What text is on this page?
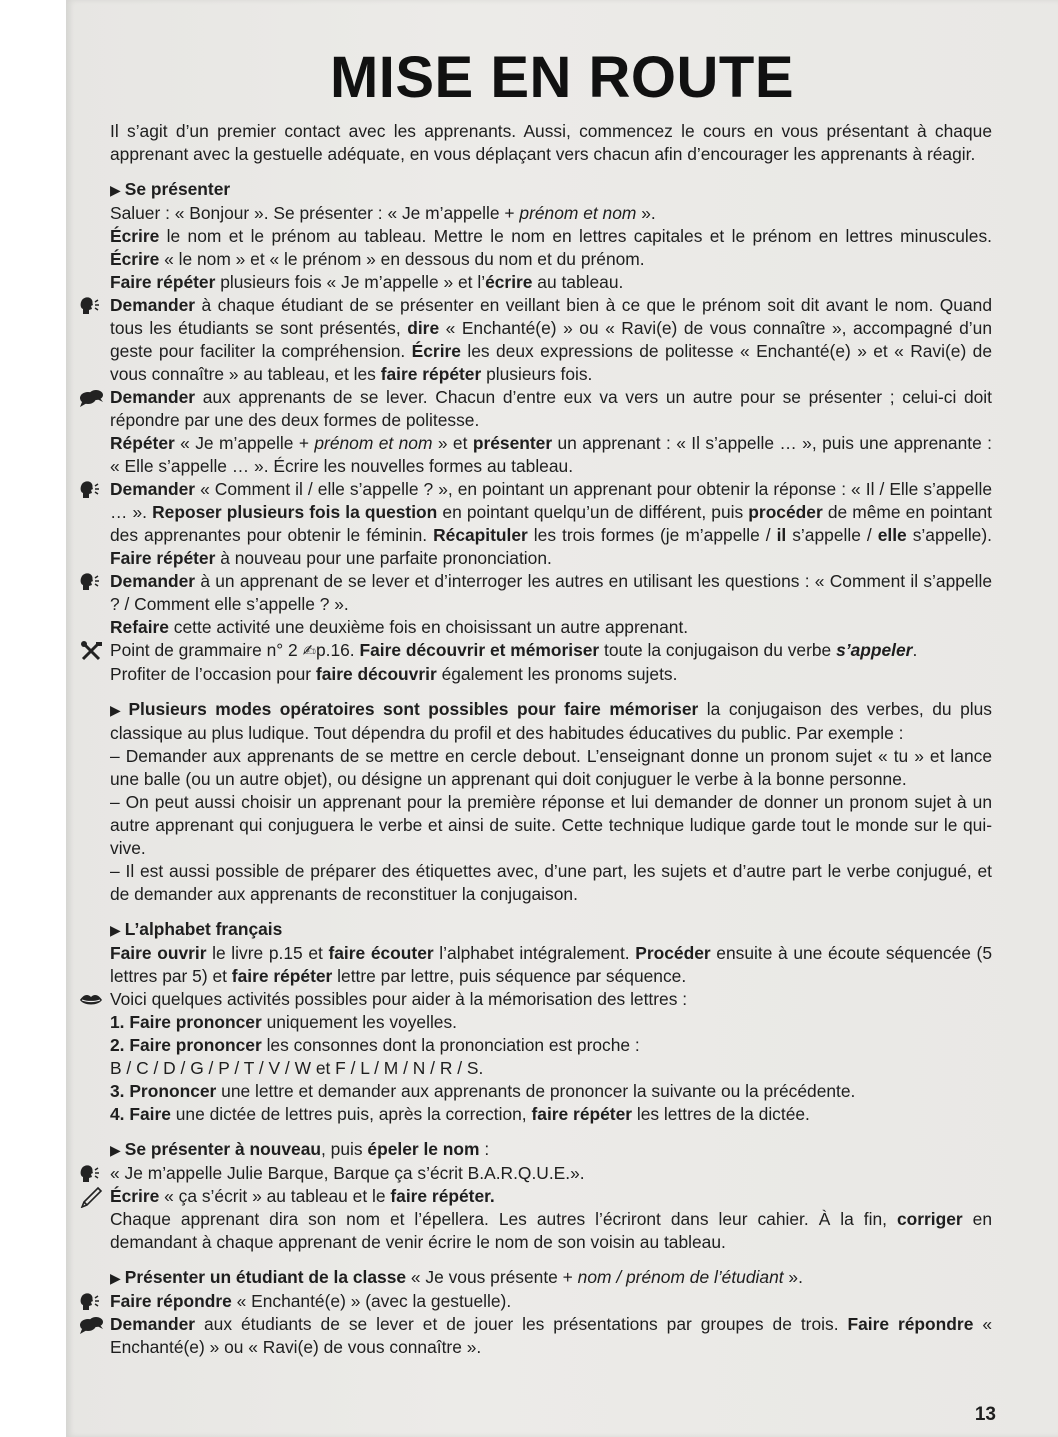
MISE EN ROUTE

Il s’agit d’un premier contact avec les apprenants. Aussi, commencez le cours en vous présentant à chaque apprenant avec la gestuelle adéquate, en vous déplaçant vers chacun afin d’encourager les apprenants à réagir.

▶ Se présenter

Saluer : « Bonjour ». Se présenter : « Je m’appelle + prénom et nom ».

Écrire le nom et le prénom au tableau. Mettre le nom en lettres capitales et le prénom en lettres minuscules. Écrire « le nom » et « le prénom » en dessous du nom et du prénom.

Faire répéter plusieurs fois « Je m’appelle » et l’écrire au tableau.

Demander à chaque étudiant de se présenter en veillant bien à ce que le prénom soit dit avant le nom. Quand tous les étudiants se sont présentés, dire « Enchanté(e) » ou « Ravi(e) de vous connaître », accompagné d’un geste pour faciliter la compréhension. Écrire les deux expressions de politesse « Enchanté(e) » et « Ravi(e) de vous connaître » au tableau, et les faire répéter plusieurs fois.

Demander aux apprenants de se lever. Chacun d’entre eux va vers un autre pour se présenter ; celui-ci doit répondre par une des deux formes de politesse.

Répéter « Je m’appelle + prénom et nom » et présenter un apprenant : « Il s’appelle … », puis une apprenante : « Elle s’appelle … ». Écrire les nouvelles formes au tableau.

Demander « Comment il / elle s’appelle ? », en pointant un apprenant pour obtenir la réponse : « Il / Elle s’appelle … ». Reposer plusieurs fois la question en pointant quelqu’un de différent, puis procéder de même en pointant des apprenantes pour obtenir le féminin. Récapituler les trois formes (je m’appelle / il s’appelle / elle s’appelle). Faire répéter à nouveau pour une parfaite prononciation.

Demander à un apprenant de se lever et d’interroger les autres en utilisant les questions : « Comment il s’appelle ? / Comment elle s’appelle ? ».

Refaire cette activité une deuxième fois en choisissant un autre apprenant.

Point de grammaire n° 2 ✍p.16. Faire découvrir et mémoriser toute la conjugaison du verbe s’appeler.

Profiter de l’occasion pour faire découvrir également les pronoms sujets.

▶ Plusieurs modes opératoires sont possibles pour faire mémoriser la conjugaison des verbes, du plus classique au plus ludique. Tout dépendra du profil et des habitudes éducatives du public. Par exemple :

– Demander aux apprenants de se mettre en cercle debout. L’enseignant donne un pronom sujet « tu » et lance une balle (ou un autre objet), ou désigne un apprenant qui doit conjuguer le verbe à la bonne personne.

– On peut aussi choisir un apprenant pour la première réponse et lui demander de donner un pronom sujet à un autre apprenant qui conjuguera le verbe et ainsi de suite. Cette technique ludique garde tout le monde sur le qui-vive.

– Il est aussi possible de préparer des étiquettes avec, d’une part, les sujets et d’autre part le verbe conjugué, et de demander aux apprenants de reconstituer la conjugaison.

▶ L’alphabet français

Faire ouvrir le livre p.15 et faire écouter l’alphabet intégralement. Procéder ensuite à une écoute séquencée (5 lettres par 5) et faire répéter lettre par lettre, puis séquence par séquence.

Voici quelques activités possibles pour aider à la mémorisation des lettres :

1. Faire prononcer uniquement les voyelles.

2. Faire prononcer les consonnes dont la prononciation est proche :

B / C / D / G / P / T / V / W et F / L / M / N / R / S.

3. Prononcer une lettre et demander aux apprenants de prononcer la suivante ou la précédente.

4. Faire une dictée de lettres puis, après la correction, faire répéter les lettres de la dictée.

▶ Se présenter à nouveau, puis épeler le nom :

« Je m’appelle Julie Barque, Barque ça s’écrit B.A.R.Q.U.E.».

Écrire « ça s’écrit » au tableau et le faire répéter.

Chaque apprenant dira son nom et l’épellera. Les autres l’écriront dans leur cahier. À la fin, corriger en demandant à chaque apprenant de venir écrire le nom de son voisin au tableau.

▶ Présenter un étudiant de la classe « Je vous présente + nom / prénom de l’étudiant ».

Faire répondre « Enchanté(e) » (avec la gestuelle).

Demander aux étudiants de se lever et de jouer les présentations par groupes de trois. Faire répondre « Enchanté(e) » ou « Ravi(e) de vous connaître ».

13
